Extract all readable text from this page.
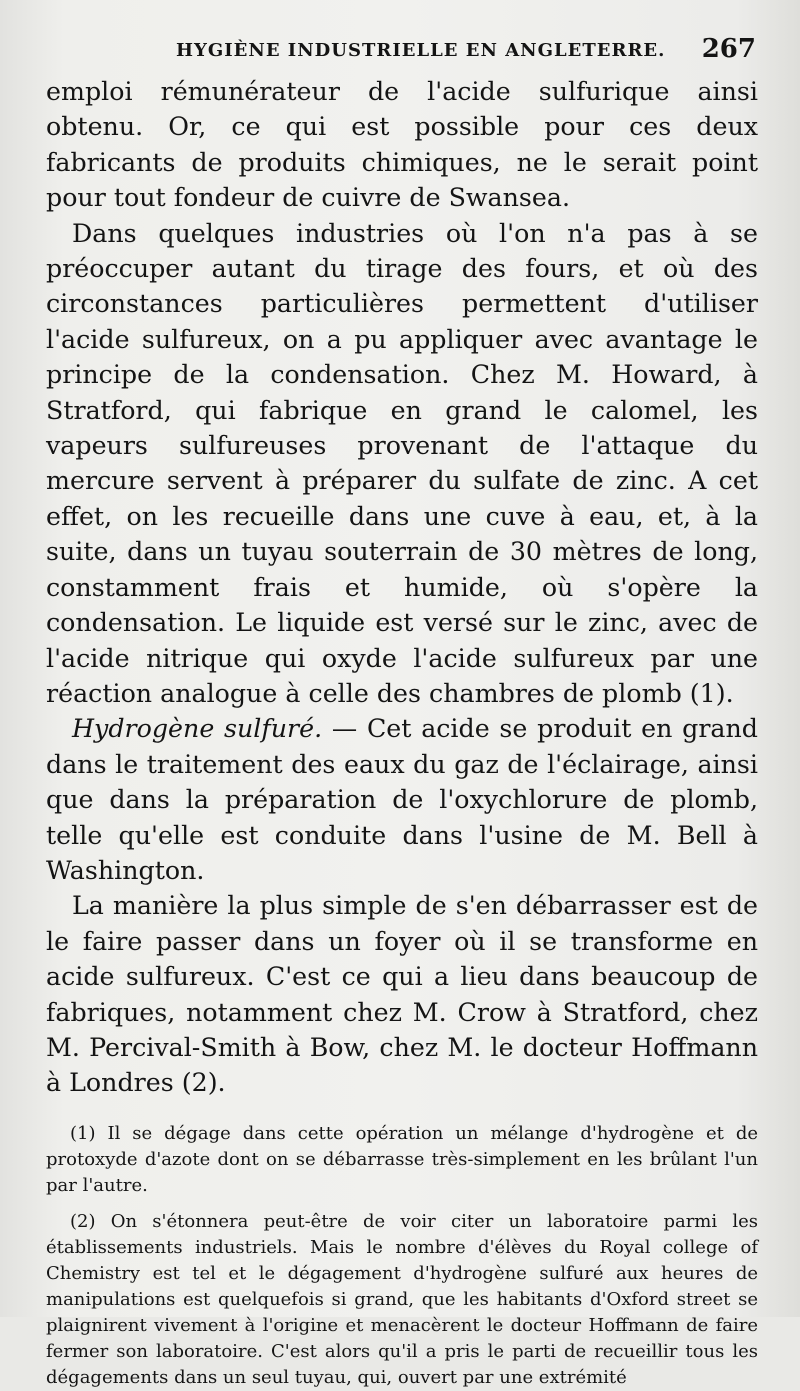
HYGIÈNE INDUSTRIELLE EN ANGLETERRE. 267

emploi rémunérateur de l'acide sulfurique ainsi obtenu. Or, ce qui est possible pour ces deux fabricants de produits chimiques, ne le serait point pour tout fondeur de cuivre de Swansea.

Dans quelques industries où l'on n'a pas à se préoccuper autant du tirage des fours, et où des circonstances particulières permettent d'utiliser l'acide sulfureux, on a pu appliquer avec avantage le principe de la condensation. Chez M. Howard, à Stratford, qui fabrique en grand le calomel, les vapeurs sulfureuses provenant de l'attaque du mercure servent à préparer du sulfate de zinc. A cet effet, on les recueille dans une cuve à eau, et, à la suite, dans un tuyau souterrain de 30 mètres de long, constamment frais et humide, où s'opère la condensation. Le liquide est versé sur le zinc, avec de l'acide nitrique qui oxyde l'acide sulfureux par une réaction analogue à celle des chambres de plomb (1).

Hydrogène sulfuré. — Cet acide se produit en grand dans le traitement des eaux du gaz de l'éclairage, ainsi que dans la préparation de l'oxychlorure de plomb, telle qu'elle est conduite dans l'usine de M. Bell à Washington.

La manière la plus simple de s'en débarrasser est de le faire passer dans un foyer où il se transforme en acide sulfureux. C'est ce qui a lieu dans beaucoup de fabriques, notamment chez M. Crow à Stratford, chez M. Percival-Smith à Bow, chez M. le docteur Hoffmann à Londres (2).

(1) Il se dégage dans cette opération un mélange d'hydrogène et de protoxyde d'azote dont on se débarrasse très-simplement en les brûlant l'un par l'autre.

(2) On s'étonnera peut-être de voir citer un laboratoire parmi les établissements industriels. Mais le nombre d'élèves du Royal college of Chemistry est tel et le dégagement d'hydrogène sulfuré aux heures de manipulations est quelquefois si grand, que les habitants d'Oxford street se plaignirent vivement à l'origine et menacèrent le docteur Hoffmann de faire fermer son laboratoire. C'est alors qu'il a pris le parti de recueillir tous les dégagements dans un seul tuyau, qui, ouvert par une extrémité
